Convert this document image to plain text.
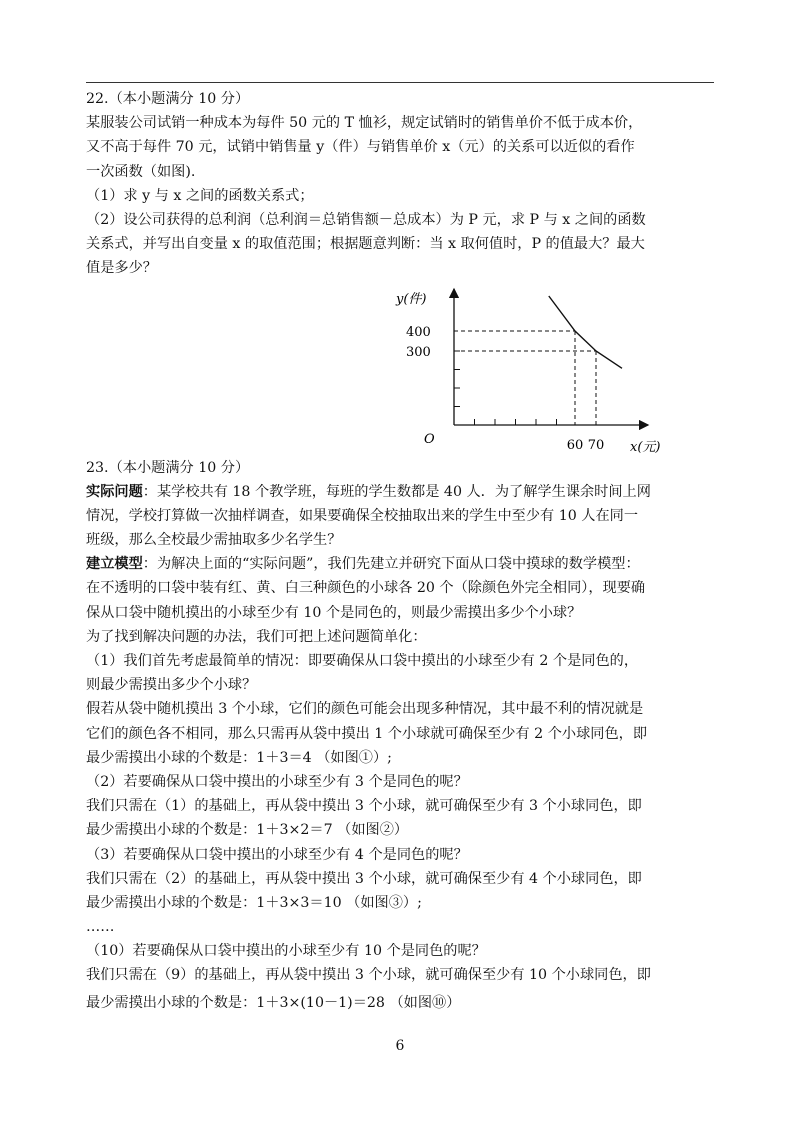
22.（本小题满分 10 分）
某服装公司试销一种成本为每件 50 元的 T 恤衫，规定试销时的销售单价不低于成本价，
又不高于每件 70 元，试销中销售量 y（件）与销售单价 x（元）的关系可以近似的看作
一次函数（如图).
（1）求 y 与 x 之间的函数关系式；
（2）设公司获得的总利润（总利润＝总销售额－总成本）为 P 元，求 P 与 x 之间的函数
关系式，并写出自变量 x 的取值范围；根据题意判断：当 x 取何值时，P 的值最大？最大
值是多少？
y(件)
x(元)
O
300
400
60 70
23.（本小题满分 10 分）
实际问题：某学校共有 18 个教学班，每班的学生数都是 40 人．为了解学生课余时间上网
情况，学校打算做一次抽样调查，如果要确保全校抽取出来的学生中至少有 10 人在同一
班级，那么全校最少需抽取多少名学生？
建立模型：为解决上面的“实际问题”，我们先建立并研究下面从口袋中摸球的数学模型：
在不透明的口袋中装有红、黄、白三种颜色的小球各 20 个（除颜色外完全相同），现要确
保从口袋中随机摸出的小球至少有 10 个是同色的，则最少需摸出多少个小球？
为了找到解决问题的办法，我们可把上述问题简单化：
（1）我们首先考虑最简单的情况：即要确保从口袋中摸出的小球至少有 2 个是同色的，
则最少需摸出多少个小球？
假若从袋中随机摸出 3 个小球，它们的颜色可能会出现多种情况，其中最不利的情况就是
它们的颜色各不相同，那么只需再从袋中摸出 1 个小球就可确保至少有 2 个小球同色，即
最少需摸出小球的个数是：1＋3＝4 （如图①）;
（2）若要确保从口袋中摸出的小球至少有 3 个是同色的呢？
我们只需在（1）的基础上，再从袋中摸出 3 个小球，就可确保至少有 3 个小球同色，即
最少需摸出小球的个数是：1＋3×2＝7 （如图②）
（3）若要确保从口袋中摸出的小球至少有 4 个是同色的呢？
我们只需在（2）的基础上，再从袋中摸出 3 个小球，就可确保至少有 4 个小球同色，即
最少需摸出小球的个数是：1＋3×3＝10 （如图③）;
……
（10）若要确保从口袋中摸出的小球至少有 10 个是同色的呢？
我们只需在（9）的基础上，再从袋中摸出 3 个小球，就可确保至少有 10 个小球同色，即
最少需摸出小球的个数是：1＋3×(10－1)＝28 （如图⑩）
6
